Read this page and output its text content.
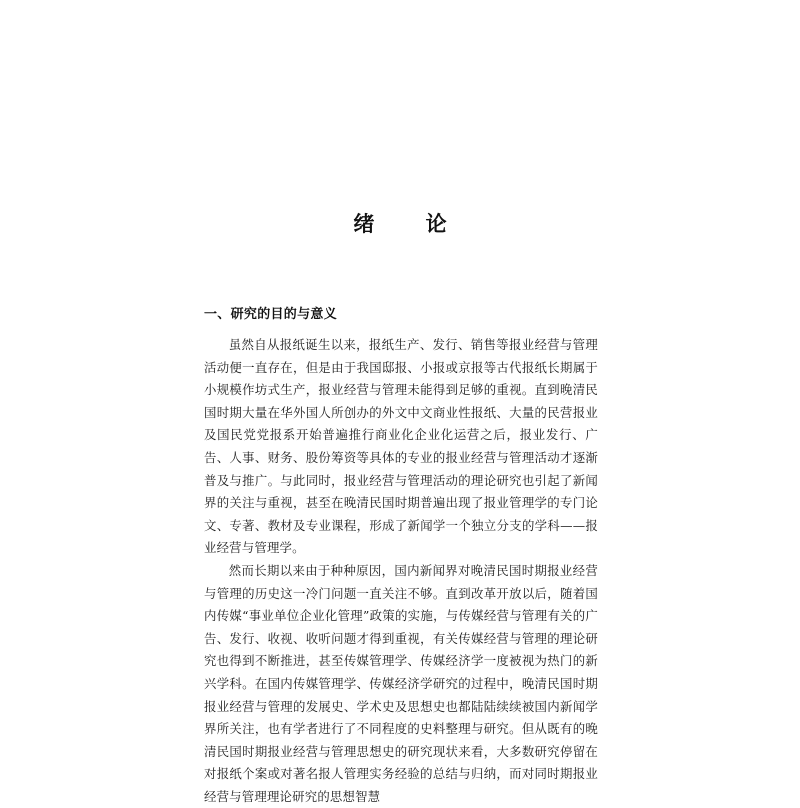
绪 论
一、研究的目的与意义

虽然自从报纸诞生以来，报纸生产、发行、销售等报业经营与管理活动便一直存在，但是由于我国邸报、小报或京报等古代报纸长期属于小规模作坊式生产，报业经营与管理未能得到足够的重视。直到晚清民国时期大量在华外国人所创办的外文中文商业性报纸、大量的民营报业及国民党党报系开始普遍推行商业化企业化运营之后，报业发行、广告、人事、财务、股份筹资等具体的专业的报业经营与管理活动才逐渐普及与推广。与此同时，报业经营与管理活动的理论研究也引起了新闻界的关注与重视，甚至在晚清民国时期普遍出现了报业管理学的专门论文、专著、教材及专业课程，形成了新闻学一个独立分支的学科——报业经营与管理学。

然而长期以来由于种种原因，国内新闻界对晚清民国时期报业经营与管理的历史这一冷门问题一直关注不够。直到改革开放以后，随着国内传媒“事业单位企业化管理”政策的实施，与传媒经营与管理有关的广告、发行、收视、收听问题才得到重视，有关传媒经营与管理的理论研究也得到不断推进，甚至传媒管理学、传媒经济学一度被视为热门的新兴学科。在国内传媒管理学、传媒经济学研究的过程中，晚清民国时期报业经营与管理的发展史、学术史及思想史也都陆陆续续被国内新闻学界所关注，也有学者进行了不同程度的史料整理与研究。但从既有的晚清民国时期报业经营与管理思想史的研究现状来看，大多数研究停留在对报纸个案或对著名报人管理实务经验的总结与归纳，而对同时期报业经营与管理理论研究的思想智慧
